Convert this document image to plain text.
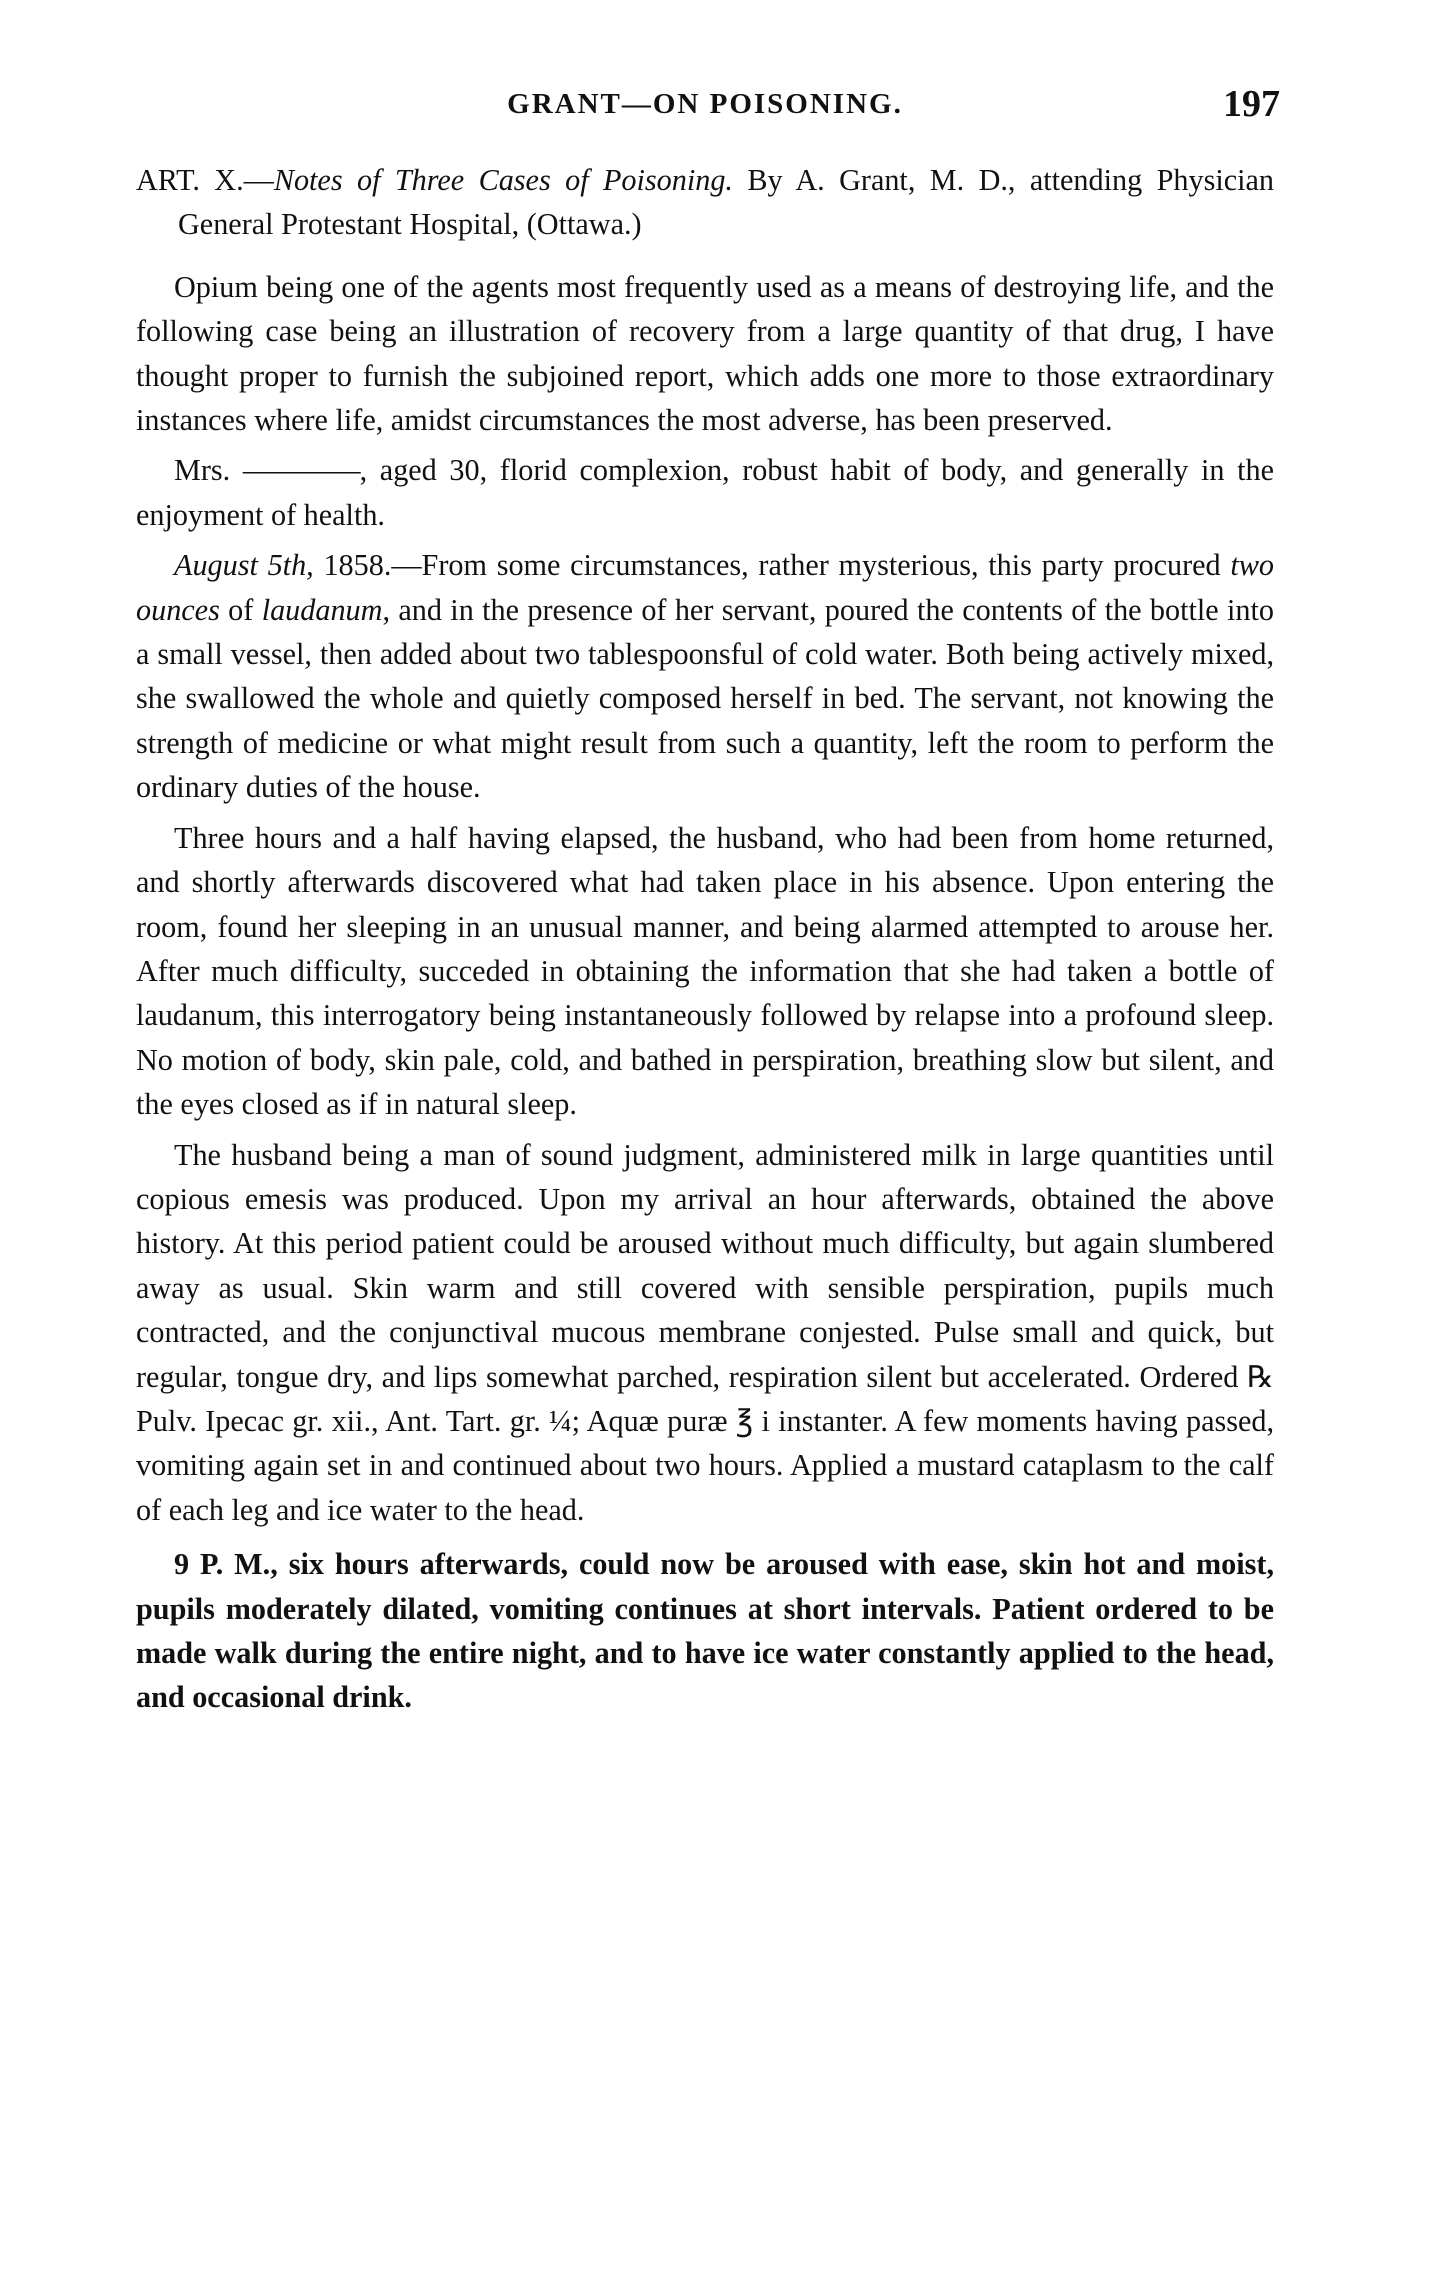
GRANT—ON POISONING.	197
ART. X.—Notes of Three Cases of Poisoning. By A. Grant, M. D., attending Physician General Protestant Hospital, (Ottawa.)

Opium being one of the agents most frequently used as a means of destroying life, and the following case being an illustration of recovery from a large quantity of that drug, I have thought proper to furnish the subjoined report, which adds one more to those extraordinary instances where life, amidst circumstances the most adverse, has been preserved.

Mrs. ————, aged 30, florid complexion, robust habit of body, and generally in the enjoyment of health.

August 5th, 1858.—From some circumstances, rather mysterious, this party procured two ounces of laudanum, and in the presence of her servant, poured the contents of the bottle into a small vessel, then added about two tablespoonsful of cold water. Both being actively mixed, she swallowed the whole and quietly composed herself in bed. The servant, not knowing the strength of medicine or what might result from such a quantity, left the room to perform the ordinary duties of the house.

Three hours and a half having elapsed, the husband, who had been from home returned, and shortly afterwards discovered what had taken place in his absence. Upon entering the room, found her sleeping in an unusual manner, and being alarmed attempted to arouse her. After much difficulty, succeded in obtaining the information that she had taken a bottle of laudanum, this interrogatory being instantaneously followed by relapse into a profound sleep. No motion of body, skin pale, cold, and bathed in perspiration, breathing slow but silent, and the eyes closed as if in natural sleep.

The husband being a man of sound judgment, administered milk in large quantities until copious emesis was produced. Upon my arrival an hour afterwards, obtained the above history. At this period patient could be aroused without much difficulty, but again slumbered away as usual. Skin warm and still covered with sensible perspiration, pupils much contracted, and the conjunctival mucous membrane conjested. Pulse small and quick, but regular, tongue dry, and lips somewhat parched, respiration silent but accelerated. Ordered ℞ Pulv. Ipecac gr. xii., Ant. Tart. gr. ¼; Aquæ puræ ℥ i instanter. A few moments having passed, vomiting again set in and continued about two hours. Applied a mustard cataplasm to the calf of each leg and ice water to the head.

9 P. M., six hours afterwards, could now be aroused with ease, skin hot and moist, pupils moderately dilated, vomiting continues at short intervals. Patient ordered to be made walk during the entire night, and to have ice water constantly applied to the head, and occasional drink.
